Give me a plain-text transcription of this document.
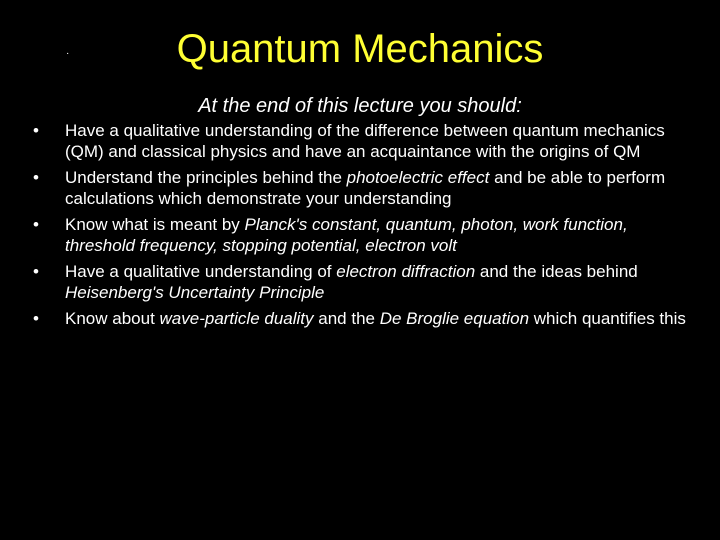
·	Quantum Mechanics
At the end of this lecture you should:
• Have a qualitative understanding of the difference between quantum mechanics (QM) and classical physics and have an acquaintance with the origins of QM
• Understand the principles behind the photoelectric effect and be able to perform calculations which demonstrate your understanding
• Know what is meant by Planck's constant, quantum, photon, work function, threshold frequency, stopping potential, electron volt
• Have a qualitative understanding of electron diffraction and the ideas behind Heisenberg's Uncertainty Principle
• Know about wave-particle duality and the De Broglie equation which quantifies this
